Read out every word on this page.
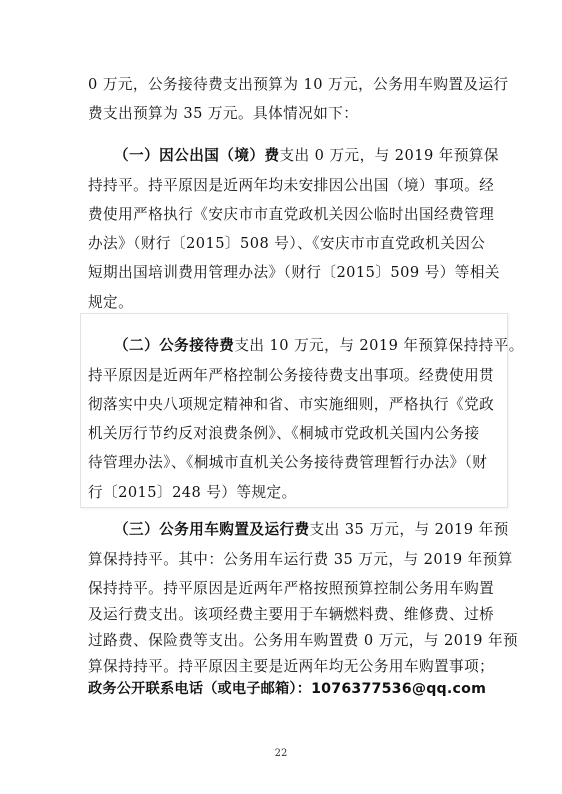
0 万元，公务接待费支出预算为 10 万元，公务用车购置及运行
费支出预算为 35 万元。具体情况如下：
（一）因公出国（境）费支出 0 万元，与 2019 年预算保
持持平。持平原因是近两年均未安排因公出国（境）事项。经
费使用严格执行《安庆市市直党政机关因公临时出国经费管理
办法》（财行〔2015〕508 号）、《安庆市市直党政机关因公
短期出国培训费用管理办法》（财行〔2015〕509 号）等相关
规定。
（二）公务接待费支出 10 万元，与 2019 年预算保持持平。
持平原因是近两年严格控制公务接待费支出事项。经费使用贯
彻落实中央八项规定精神和省、市实施细则，严格执行《党政
机关厉行节约反对浪费条例》、《桐城市党政机关国内公务接
待管理办法》、《桐城市直机关公务接待费管理暂行办法》（财
行〔2015〕248 号）等规定。
（三）公务用车购置及运行费支出 35 万元，与 2019 年预
算保持持平。其中：公务用车运行费 35 万元，与 2019 年预算
保持持平。持平原因是近两年严格按照预算控制公务用车购置
及运行费支出。该项经费主要用于车辆燃料费、维修费、过桥
过路费、保险费等支出。公务用车购置费 0 万元，与 2019 年预
算保持持平。持平原因主要是近两年均无公务用车购置事项；
政务公开联系电话（或电子邮箱）：1076377536@qq.com
22
